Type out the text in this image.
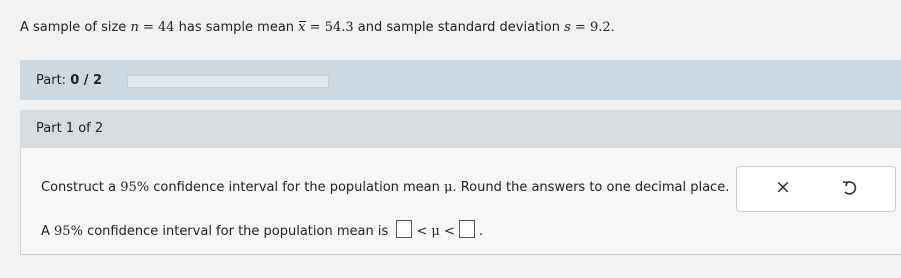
A sample of size n = 44 has sample mean x = 54.3 and sample standard deviation s = 9.2.
Part: 0 / 2
Part 1 of 2
Construct a 95% confidence interval for the population mean μ. Round the answers to one decimal place.
A 95% confidence interval for the population mean is < μ < .
×
